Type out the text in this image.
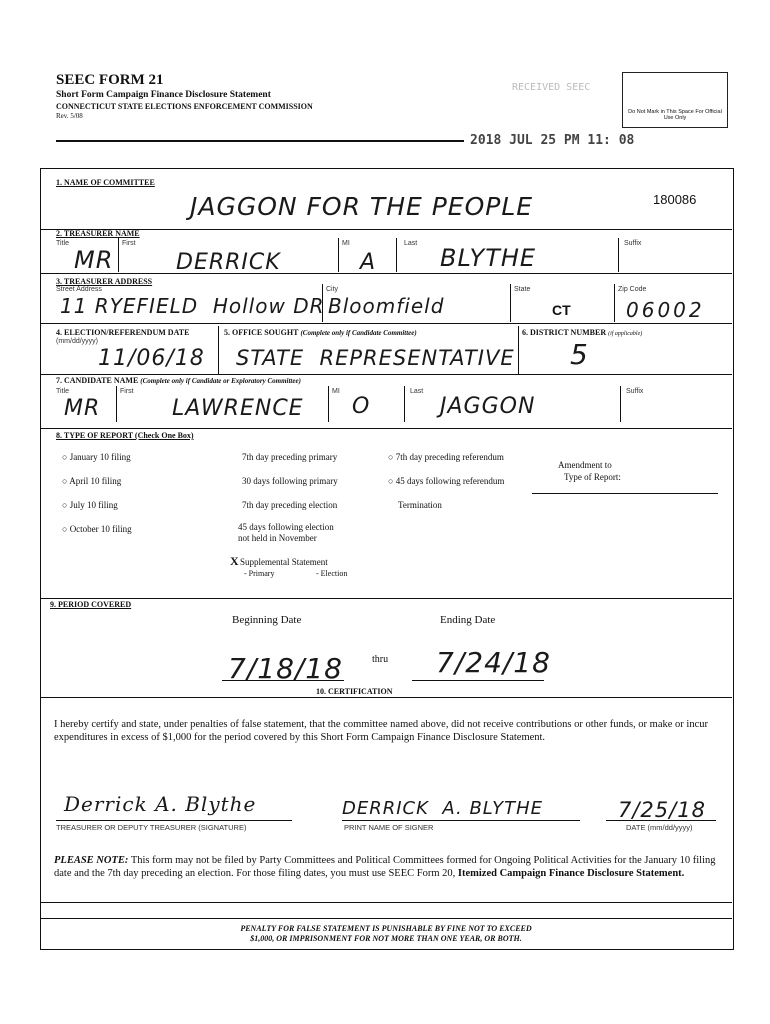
SEEC FORM 21
Short Form Campaign Finance Disclosure Statement
CONNECTICUT STATE ELECTIONS ENFORCEMENT COMMISSION
Rev. 5/08
RECEIVED SEEC
Do Not Mark in This Space For Official Use Only
2018 JUL 25 PM 11: 08
1. NAME OF COMMITTEE
JAGGON FOR THE PEOPLE	180086
2. TREASURER NAME
Title
MR
First
DERRICK
MI
A
Last
BLYTHE
Suffix
3. TREASURER ADDRESS
Street Address
11 RYEFIELD  Hollow DR
City
Bloomfield
State
CT
Zip Code
06002
4. ELECTION/REFERENDUM DATE
(mm/dd/yyyy)
11/06/18
5. OFFICE SOUGHT (Complete only if Candidate Committee)
STATE  REPRESENTATIVE
6. DISTRICT NUMBER (if applicable)
5
7. CANDIDATE NAME (Complete only if Candidate or Exploratory Committee)
Title
MR
First
LAWRENCE
MI
O
Last
JAGGON
Suffix
8. TYPE OF REPORT (Check One Box)
○ January 10 filing
○ April 10 filing
○ July 10 filing
○ October 10 filing
7th day preceding primary
30 days following primary
7th day preceding election
45 days following election
not held in November
○ 7th day preceding referendum
○ 45 days following referendum
Termination
Amendment to
Type of Report:
X Supplemental Statement
- Primary	- Election
9. PERIOD COVERED
Beginning Date	Ending Date
7/18/18	thru 7/24/18
10. CERTIFICATION
I hereby certify and state, under penalties of false statement, that the committee named above, did not receive contributions or other funds, or make or incur expenditures in excess of $1,000 for the period covered by this Short Form Campaign Finance Disclosure Statement.
Derrick A. Blythe
TREASURER OR DEPUTY TREASURER (SIGNATURE)
DERRICK  A. BLYTHE
PRINT NAME OF SIGNER
7/25/18
DATE (mm/dd/yyyy)
PLEASE NOTE: This form may not be filed by Party Committees and Political Committees formed for Ongoing Political Activities for the January 10 filing date and the 7th day preceding an election. For those filing dates, you must use SEEC Form 20, Itemized Campaign Finance Disclosure Statement.
PENALTY FOR FALSE STATEMENT IS PUNISHABLE BY FINE NOT TO EXCEED
$1,000, OR IMPRISONMENT FOR NOT MORE THAN ONE YEAR, OR BOTH.
